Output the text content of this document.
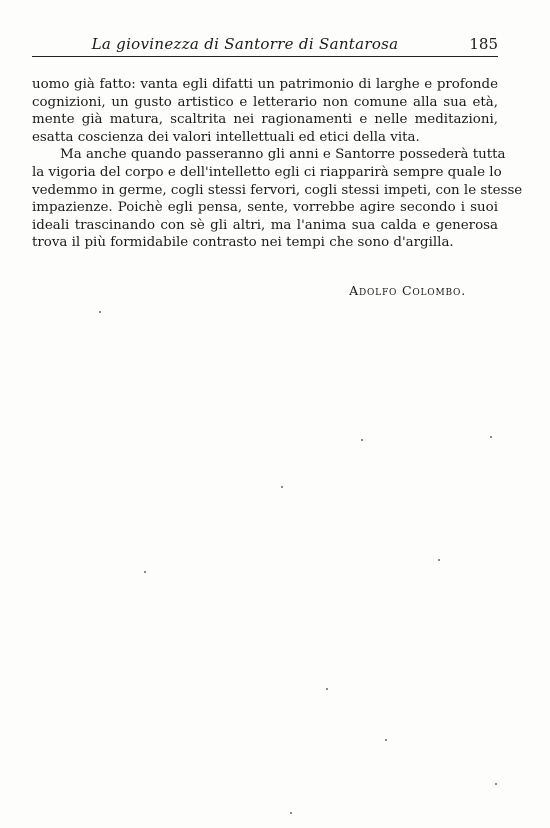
La giovinezza di Santorre di Santarosa	185
uomo già fatto: vanta egli difatti un patrimonio di larghe e profonde
cognizioni, un gusto artistico e letterario non comune alla sua età,
mente già matura, scaltrita nei ragionamenti e nelle meditazioni,
esatta coscienza dei valori intellettuali ed etici della vita.
Ma anche quando passeranno gli anni e Santorre possederà tutta
la vigoria del corpo e dell'intelletto egli ci riapparirà sempre quale lo
vedemmo in germe, cogli stessi fervori, cogli stessi impeti, con le stesse
impazienze. Poichè egli pensa, sente, vorrebbe agire secondo i suoi
ideali trascinando con sè gli altri, ma l'anima sua calda e generosa
trova il più formidabile contrasto nei tempi che sono d'argilla.
Adolfo Colombo.
